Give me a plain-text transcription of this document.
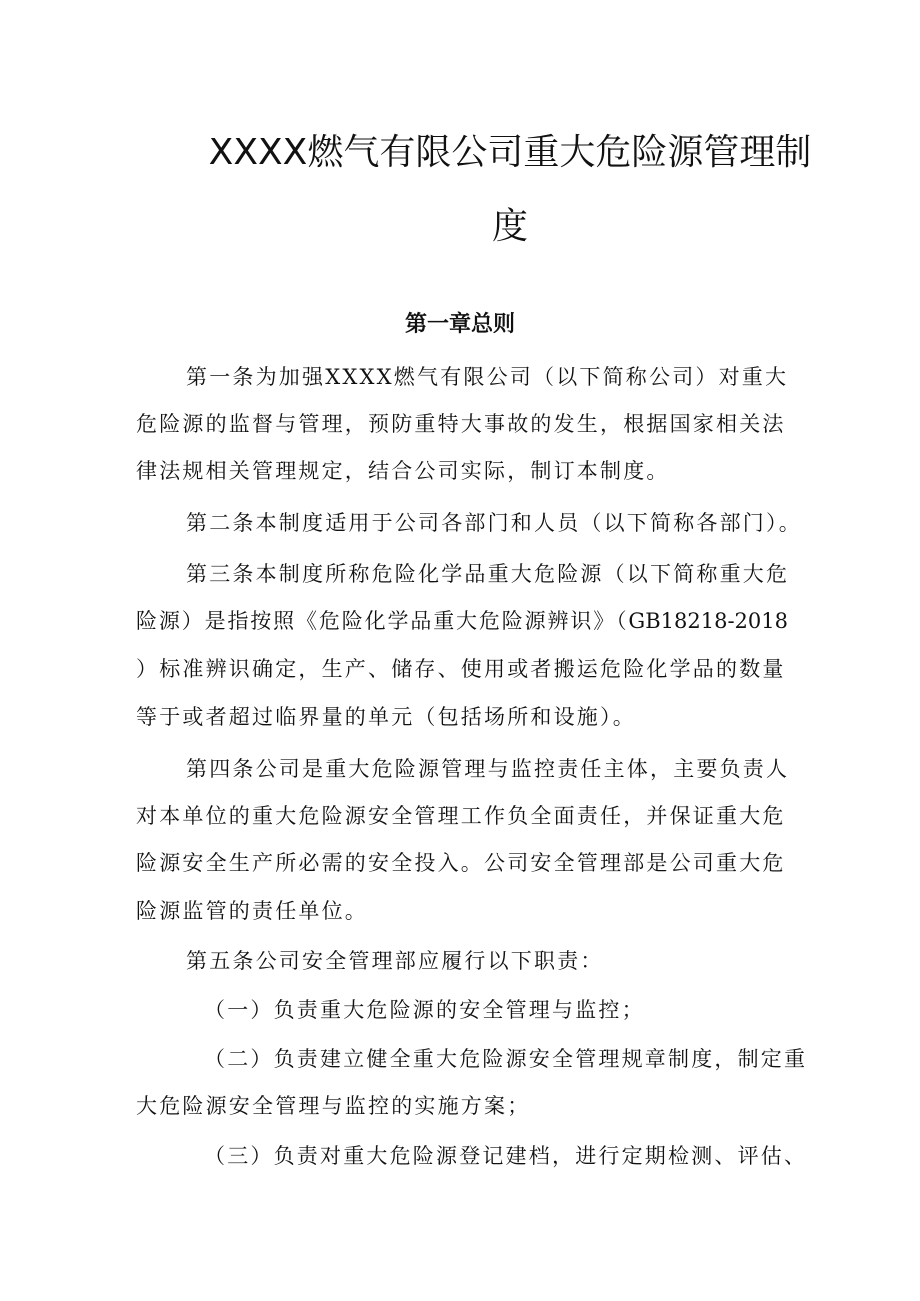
XXXX燃气有限公司重大危险源管理制
度
第一章总则

第一条为加强XXXX燃气有限公司（以下简称公司）对重大

危险源的监督与管理，预防重特大事故的发生，根据国家相关法

律法规相关管理规定，结合公司实际，制订本制度。

第二条本制度适用于公司各部门和人员（以下简称各部门）。

第三条本制度所称危险化学品重大危险源（以下简称重大危

险源）是指按照《危险化学品重大危险源辨识》（GB18218-2018

）标准辨识确定，生产、储存、使用或者搬运危险化学品的数量

等于或者超过临界量的单元（包括场所和设施）。

第四条公司是重大危险源管理与监控责任主体，主要负责人

对本单位的重大危险源安全管理工作负全面责任，并保证重大危

险源安全生产所必需的安全投入。公司安全管理部是公司重大危

险源监管的责任单位。

第五条公司安全管理部应履行以下职责：

（一）负责重大危险源的安全管理与监控；

（二）负责建立健全重大危险源安全管理规章制度，制定重

大危险源安全管理与监控的实施方案；

（三）负责对重大危险源登记建档，进行定期检测、评估、
